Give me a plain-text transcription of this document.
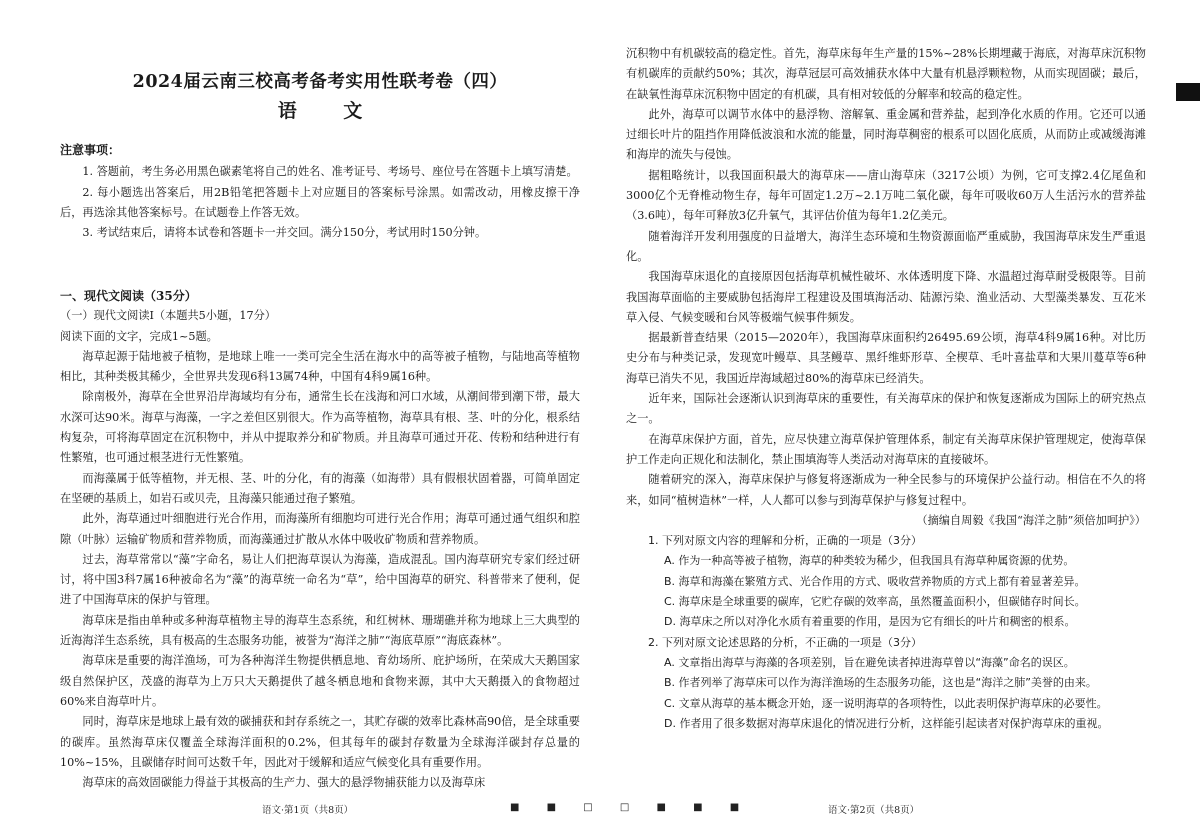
2024届云南三校高考备考实用性联考卷（四）
语 文

注意事项：

1. 答题前，考生务必用黑色碳素笔将自己的姓名、准考证号、考场号、座位号在答题卡上填写清楚。

2. 每小题选出答案后，用2B铅笔把答题卡上对应题目的答案标号涂黑。如需改动，用橡皮擦干净后，再选涂其他答案标号。在试题卷上作答无效。

3. 考试结束后，请将本试卷和答题卡一并交回。满分150分，考试用时150分钟。

一、现代文阅读（35分）

（一）现代文阅读Ⅰ（本题共5小题，17分）

阅读下面的文字，完成1~5题。

海草起源于陆地被子植物，是地球上唯一一类可完全生活在海水中的高等被子植物，与陆地高等植物相比，其种类极其稀少，全世界共发现6科13属74种，中国有4科9属16种。

除南极外，海草在全世界沿岸海域均有分布，通常生长在浅海和河口水域，从潮间带到潮下带，最大水深可达90米。海草与海藻，一字之差但区别很大。作为高等植物，海草具有根、茎、叶的分化，根系结构复杂，可将海草固定在沉积物中，并从中提取养分和矿物质。并且海草可通过开花、传粉和结种进行有性繁殖，也可通过根茎进行无性繁殖。

而海藻属于低等植物，并无根、茎、叶的分化，有的海藻（如海带）具有假根状固着器，可简单固定在坚硬的基质上，如岩石或贝壳，且海藻只能通过孢子繁殖。

此外，海草通过叶细胞进行光合作用，而海藻所有细胞均可进行光合作用；海草可通过通气组织和腔隙（叶脉）运输矿物质和营养物质，而海藻通过扩散从水体中吸收矿物质和营养物质。

过去，海草常常以“藻”字命名，易让人们把海草误认为海藻，造成混乱。国内海草研究专家们经过研讨，将中国3科7属16种被命名为“藻”的海草统一命名为“草”，给中国海草的研究、科普带来了便利，促进了中国海草床的保护与管理。

海草床是指由单种或多种海草植物主导的海草生态系统，和红树林、珊瑚礁并称为地球上三大典型的近海海洋生态系统，具有极高的生态服务功能，被誉为“海洋之肺”“海底草原”“海底森林”。

海草床是重要的海洋渔场，可为各种海洋生物提供栖息地、育幼场所、庇护场所，在荣成大天鹅国家级自然保护区，茂盛的海草为上万只大天鹅提供了越冬栖息地和食物来源，其中大天鹅摄入的食物超过60%来自海草叶片。

同时，海草床是地球上最有效的碳捕获和封存系统之一，其贮存碳的效率比森林高90倍，是全球重要的碳库。虽然海草床仅覆盖全球海洋面积的0.2%，但其每年的碳封存数量为全球海洋碳封存总量的10%~15%，且碳储存时间可达数千年，因此对于缓解和适应气候变化具有重要作用。

海草床的高效固碳能力得益于其极高的生产力、强大的悬浮物捕获能力以及海草床

沉积物中有机碳较高的稳定性。首先，海草床每年生产量的15%~28%长期埋藏于海底，对海草床沉积物有机碳库的贡献约50%；其次，海草冠层可高效捕获水体中大量有机悬浮颗粒物，从而实现固碳；最后，在缺氧性海草床沉积物中固定的有机碳，具有相对较低的分解率和较高的稳定性。

此外，海草可以调节水体中的悬浮物、溶解氧、重金属和营养盐，起到净化水质的作用。它还可以通过细长叶片的阻挡作用降低波浪和水流的能量，同时海草稠密的根系可以固化底质，从而防止或减缓海滩和海岸的流失与侵蚀。

据粗略统计，以我国面积最大的海草床——唐山海草床（3217公顷）为例，它可支撑2.4亿尾鱼和3000亿个无脊椎动物生存，每年可固定1.2万~2.1万吨二氧化碳，每年可吸收60万人生活污水的营养盐（3.6吨），每年可释放3亿升氧气，其评估价值为每年1.2亿美元。

随着海洋开发利用强度的日益增大，海洋生态环境和生物资源面临严重威胁，我国海草床发生严重退化。

我国海草床退化的直接原因包括海草机械性破坏、水体透明度下降、水温超过海草耐受极限等。目前我国海草面临的主要威胁包括海岸工程建设及围填海活动、陆源污染、渔业活动、大型藻类暴发、互花米草入侵、气候变暖和台风等极端气候事件频发。

据最新普查结果（2015—2020年），我国海草床面积约26495.69公顷，海草4科9属16种。对比历史分布与种类记录，发现宽叶鳗草、具茎鳗草、黑纤维虾形草、全楔草、毛叶喜盐草和大果川蔓草等6种海草已消失不见，我国近岸海域超过80%的海草床已经消失。

近年来，国际社会逐渐认识到海草床的重要性，有关海草床的保护和恢复逐渐成为国际上的研究热点之一。

在海草床保护方面，首先，应尽快建立海草保护管理体系，制定有关海草床保护管理规定，使海草保护工作走向正规化和法制化，禁止围填海等人类活动对海草床的直接破坏。

随着研究的深入，海草床保护与修复将逐渐成为一种全民参与的环境保护公益行动。相信在不久的将来，如同“植树造林”一样，人人都可以参与到海草保护与修复过程中。

（摘编自周毅《我国“海洋之肺”须倍加呵护》）

1. 下列对原文内容的理解和分析，正确的一项是（3分）

A. 作为一种高等被子植物，海草的种类较为稀少，但我国具有海草种属资源的优势。

B. 海草和海藻在繁殖方式、光合作用的方式、吸收营养物质的方式上都有着显著差异。

C. 海草床是全球重要的碳库，它贮存碳的效率高，虽然覆盖面积小，但碳储存时间长。

D. 海草床之所以对净化水质有着重要的作用，是因为它有细长的叶片和稠密的根系。

2. 下列对原文论述思路的分析，不正确的一项是（3分）

A. 文章指出海草与海藻的各项差别，旨在避免读者掉进海草曾以“海藻”命名的误区。

B. 作者列举了海草床可以作为海洋渔场的生态服务功能，这也是“海洋之肺”美誉的由来。

C. 文章从海草的基本概念开始，逐一说明海草的各项特性，以此表明保护海草床的必要性。

D. 作者用了很多数据对海草床退化的情况进行分析，这样能引起读者对保护海草床的重视。

语文·第1页（共8页）	■ ■ □ □ ■ ■ ■	语文·第2页（共8页）
